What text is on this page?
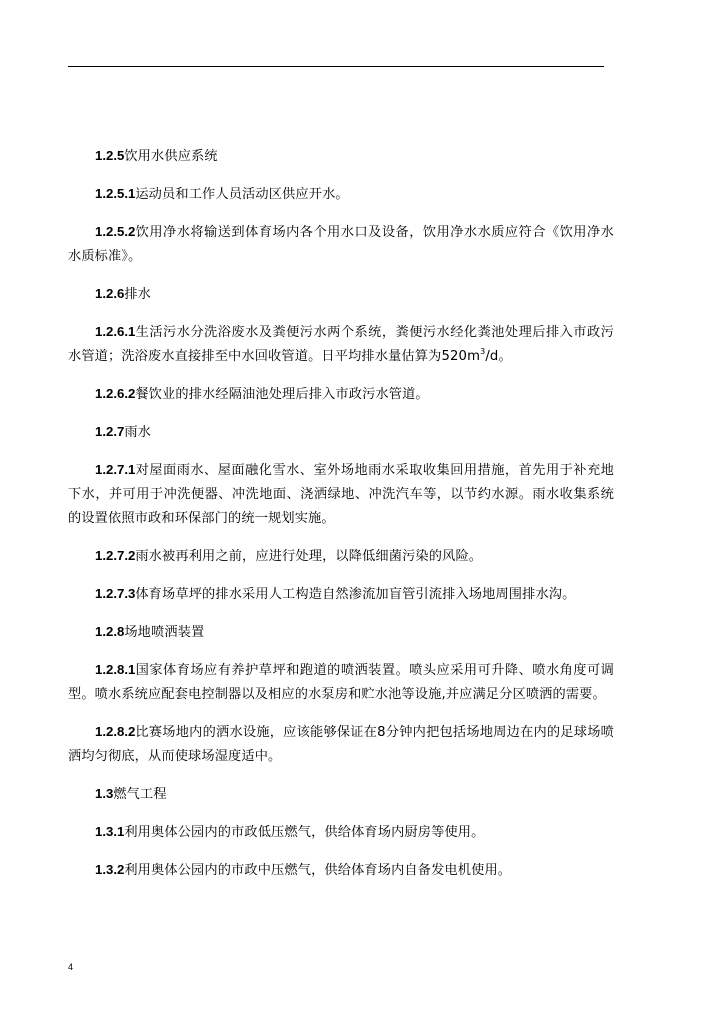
1.2.5饮用水供应系统

1.2.5.1运动员和工作人员活动区供应开水。

1.2.5.2饮用净水将输送到体育场内各个用水口及设备，饮用净水水质应符合《饮用净水水质标准》。

1.2.6排水

1.2.6.1生活污水分洗浴废水及粪便污水两个系统，粪便污水经化粪池处理后排入市政污水管道；洗浴废水直接排至中水回收管道。日平均排水量估算为$520m^3/d$。

1.2.6.2餐饮业的排水经隔油池处理后排入市政污水管道。

1.2.7雨水

1.2.7.1对屋面雨水、屋面融化雪水、室外场地雨水采取收集回用措施，首先用于补充地下水，并可用于冲洗便器、冲洗地面、浇洒绿地、冲洗汽车等，以节约水源。雨水收集系统的设置依照市政和环保部门的统一规划实施。

1.2.7.2雨水被再利用之前，应进行处理，以降低细菌污染的风险。

1.2.7.3体育场草坪的排水采用人工构造自然渗流加盲管引流排入场地周围排水沟。

1.2.8场地喷洒装置

1.2.8.1国家体育场应有养护草坪和跑道的喷洒装置。喷头应采用可升降、喷水角度可调型。喷水系统应配套电控制器以及相应的水泵房和贮水池等设施,并应满足分区喷洒的需要。

1.2.8.2比赛场地内的洒水设施，应该能够保证在8分钟内把包括场地周边在内的足球场喷洒均匀彻底，从而使球场湿度适中。

1.3燃气工程

1.3.1利用奥体公园内的市政低压燃气，供给体育场内厨房等使用。

1.3.2利用奥体公园内的市政中压燃气，供给体育场内自备发电机使用。

4
